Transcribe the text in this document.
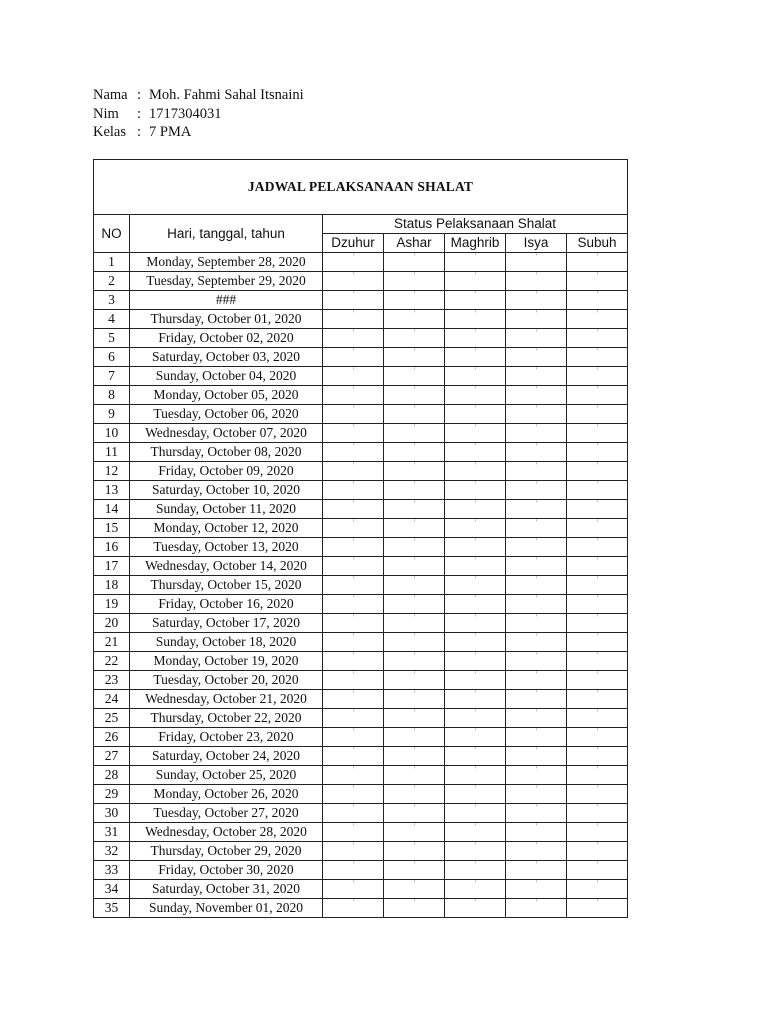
Nama : Moh. Fahmi Sahal Itsnaini
Nim	: 1717304031
Kelas : 7 PMA
JADWAL PELAKSANAAN SHALAT						
NO	Hari, tanggal, tahun	Status Pelaksanaan Shalat				
		Dzuhur	Ashar	Maghrib	Isya	Subuh
1	Monday, September 28, 2020	'	'	'	'	'
2	Tuesday, September 29, 2020	'	'	'	'	'
3	###	'	'	'	'	'
4	Thursday, October 01, 2020	'	'	'	'	'
5	Friday, October 02, 2020	'	'	'	'	'
6	Saturday, October 03, 2020	'	'	'	'	'
7	Sunday, October 04, 2020	'	'	'	'	'
8	Monday, October 05, 2020	'	'	'	'	'
9	Tuesday, October 06, 2020	'	'	'	'	'
10	Wednesday, October 07, 2020	'	'	'	'	'
11	Thursday, October 08, 2020	'	'	'	'	'
12	Friday, October 09, 2020	'	'	'	'	'
13	Saturday, October 10, 2020	'	'	'	'	'
14	Sunday, October 11, 2020	'	'	'	'	'
15	Monday, October 12, 2020	'	'	'	'	'
16	Tuesday, October 13, 2020	'	'	'	'	'
17	Wednesday, October 14, 2020	'	'	'	'	'
18	Thursday, October 15, 2020	'	'	'	'	'
19	Friday, October 16, 2020	'	'	'	'	'
20	Saturday, October 17, 2020	'	'	'	'	'
21	Sunday, October 18, 2020	'	'	'	'	'
22	Monday, October 19, 2020	'	'	'	'	'
23	Tuesday, October 20, 2020	'	'	'	'	'
24	Wednesday, October 21, 2020	'	'	'	'	'
25	Thursday, October 22, 2020	'	'	'	'	'
26	Friday, October 23, 2020	'	'	'	'	'
27	Saturday, October 24, 2020	'	'	'	'	'
28	Sunday, October 25, 2020	'	'	'	'	'
29	Monday, October 26, 2020	'	'	'	'	'
30	Tuesday, October 27, 2020	'	'	'	'	'
31	Wednesday, October 28, 2020	'	'	'	'	'
32	Thursday, October 29, 2020	'	'	'	'	'
33	Friday, October 30, 2020	'	'	'	'	'
34	Saturday, October 31, 2020	'	'	'	'	'
35	Sunday, November 01, 2020	'	'	'	'	'
